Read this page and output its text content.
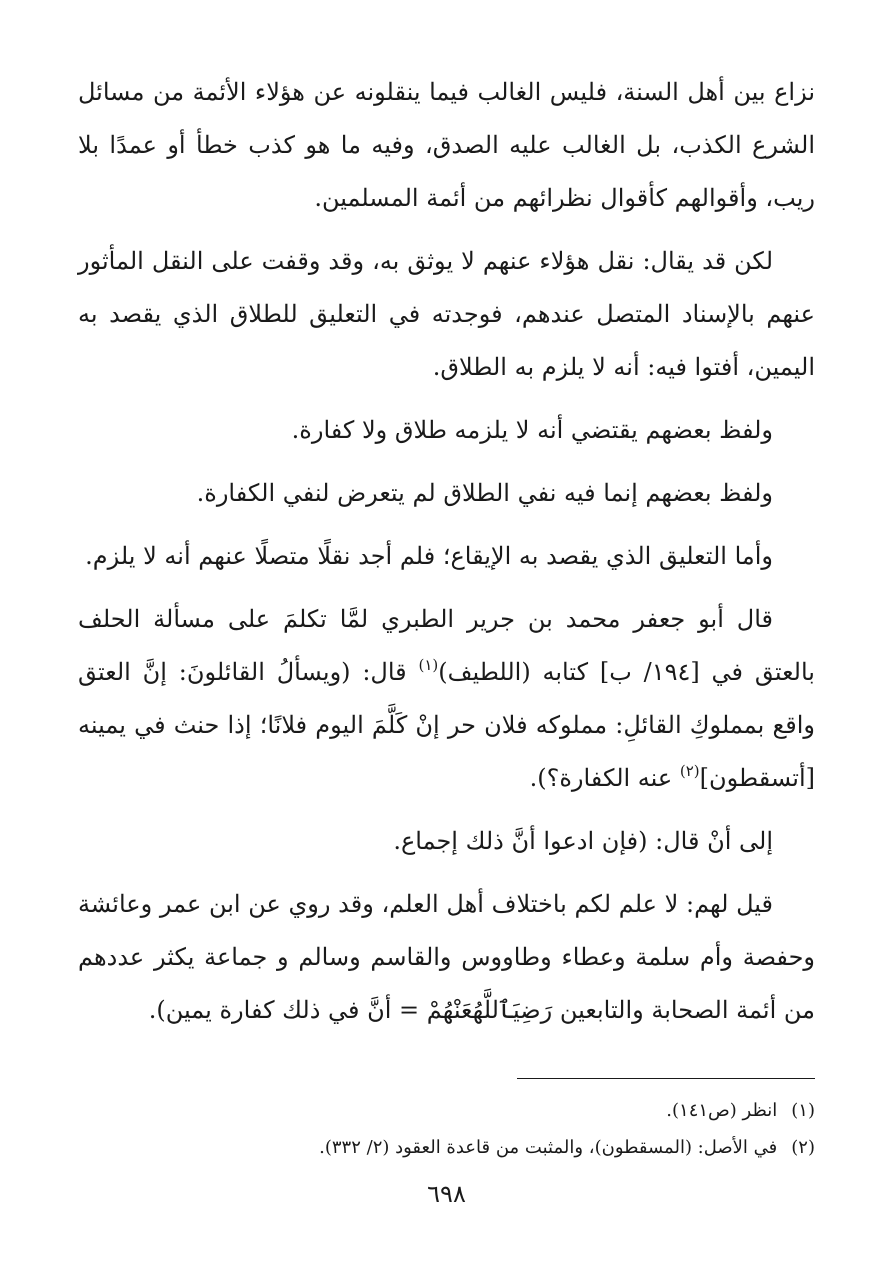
نزاع بين أهل السنة، فليس الغالب فيما ينقلونه عن هؤلاء الأئمة من مسائل الشرع الكذب، بل الغالب عليه الصدق، وفيه ما هو كذب خطأ أو عمدًا بلا ريب، وأقوالهم كأقوال نظرائهم من أئمة المسلمين.

لكن قد يقال: نقل هؤلاء عنهم لا يوثق به، وقد وقفت على النقل المأثور عنهم بالإسناد المتصل عندهم، فوجدته في التعليق للطلاق الذي يقصد به اليمين، أفتوا فيه: أنه لا يلزم به الطلاق.

ولفظ بعضهم يقتضي أنه لا يلزمه طلاق ولا كفارة.

ولفظ بعضهم إنما فيه نفي الطلاق لم يتعرض لنفي الكفارة.

وأما التعليق الذي يقصد به الإيقاع؛ فلم أجد نقلًا متصلًا عنهم أنه لا يلزم.

قال أبو جعفر محمد بن جرير الطبري لمَّا تكلمَ على مسألة الحلف بالعتق في [١٩٤/ ب] كتابه (اللطيف)$^{(١)}$ قال: (ويسألُ القائلونَ: إنَّ العتق واقع بمملوكِ القائلِ: مملوكه فلان حر إنْ كَلَّمَ اليوم فلانًا؛ إذا حنث في يمينه [أتسقطون]$^{(٢)}$ عنه الكفارة؟).

إلى أنْ قال: (فإن ادعوا أنَّ ذلك إجماع.

قيل لهم: لا علم لكم باختلاف أهل العلم، وقد روي عن ابن عمر وعائشة وحفصة وأم سلمة وعطاء وطاووس والقاسم وسالم و جماعة يكثر عددهم من أئمة الصحابة والتابعين رَضِيَٱللَّهُعَنْهُمْ = أنَّ في ذلك كفارة يمين).

(١)انظر (ص١٤١).

(٢)في الأصل: (المسقطون)، والمثبت من قاعدة العقود (٢/ ٣٣٢).

٦٩٨
